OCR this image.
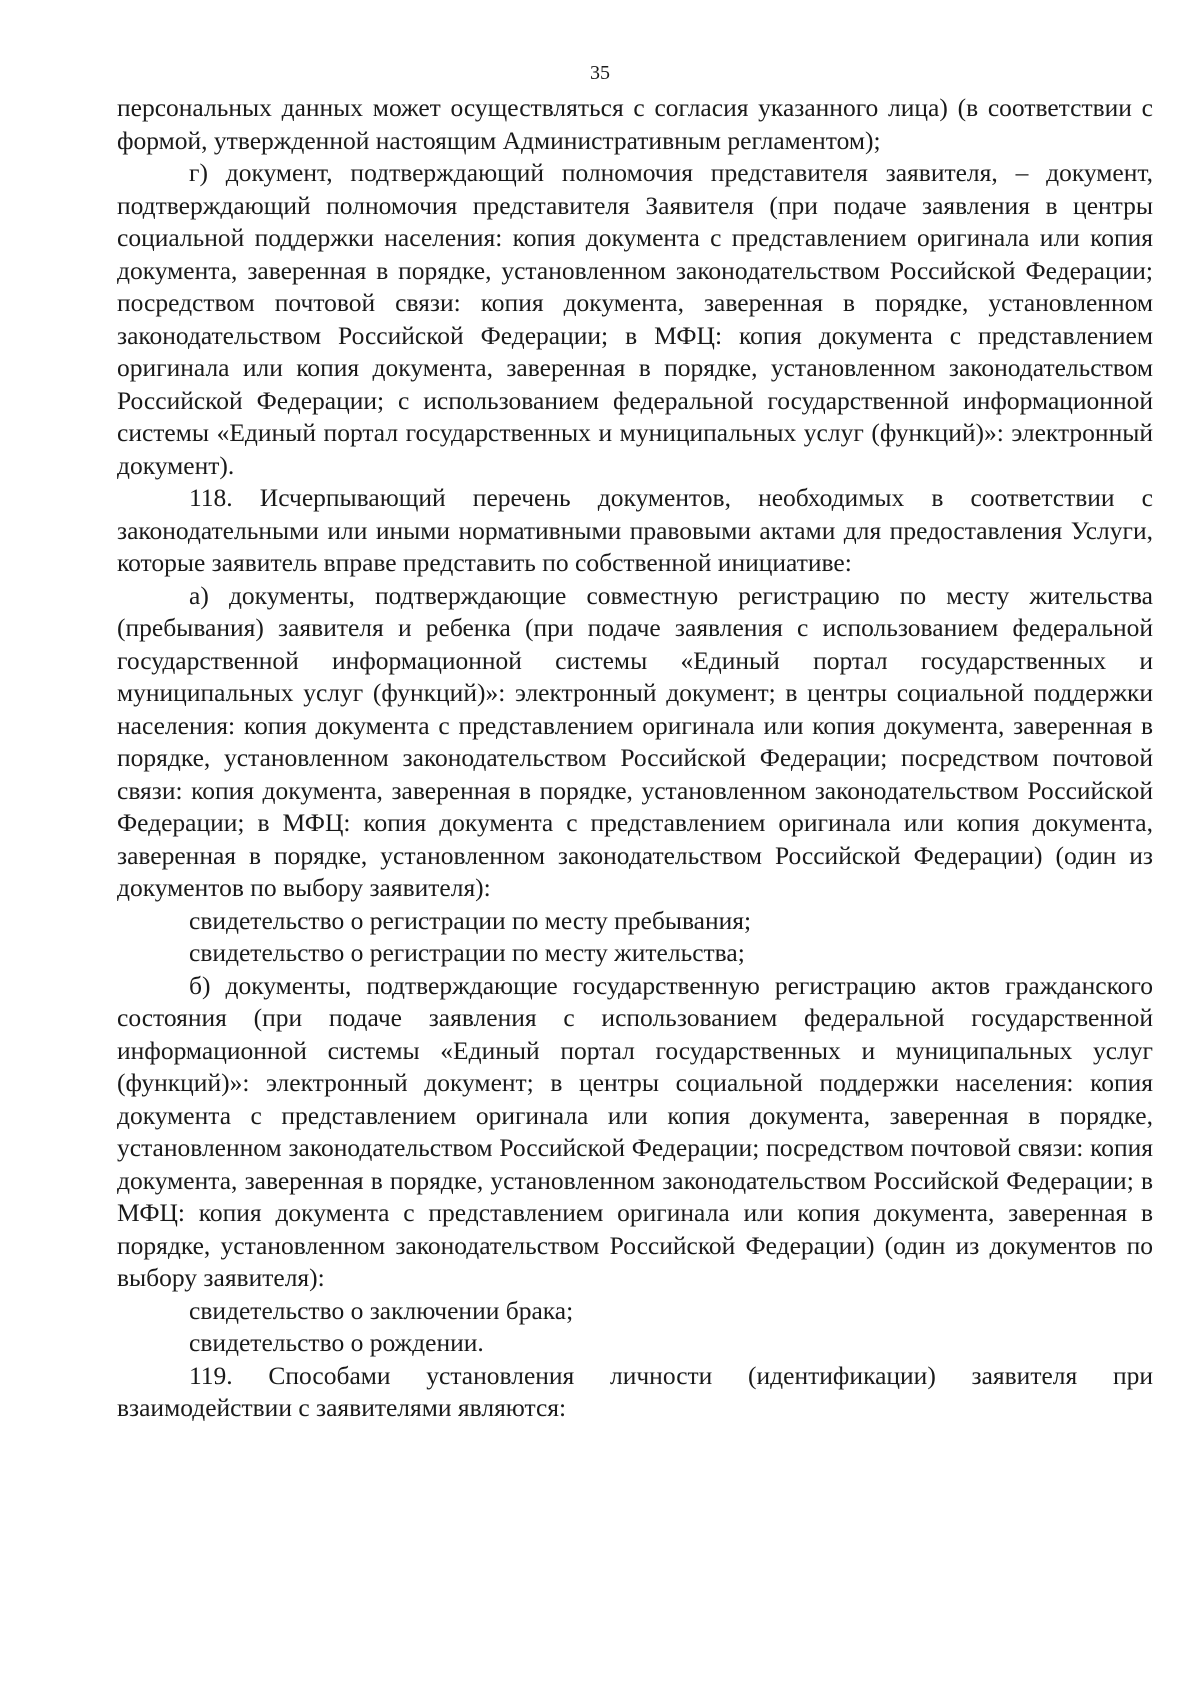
35

персональных данных может осуществляться с согласия указанного лица) (в соответствии с формой, утвержденной настоящим Административным регламентом);

г) документ, подтверждающий полномочия представителя заявителя, – документ, подтверждающий полномочия представителя Заявителя (при подаче заявления в центры социальной поддержки населения: копия документа с представлением оригинала или копия документа, заверенная в порядке, установленном законодательством Российской Федерации; посредством почтовой связи: копия документа, заверенная в порядке, установленном законодательством Российской Федерации; в МФЦ: копия документа с представлением оригинала или копия документа, заверенная в порядке, установленном законодательством Российской Федерации; с использованием федеральной государственной информационной системы «Единый портал государственных и муниципальных услуг (функций)»: электронный документ).

118. Исчерпывающий перечень документов, необходимых в соответствии с законодательными или иными нормативными правовыми актами для предоставления Услуги, которые заявитель вправе представить по собственной инициативе:

а) документы, подтверждающие совместную регистрацию по месту жительства (пребывания) заявителя и ребенка (при подаче заявления с использованием федеральной государственной информационной системы «Единый портал государственных и муниципальных услуг (функций)»: электронный документ; в центры социальной поддержки населения: копия документа с представлением оригинала или копия документа, заверенная в порядке, установленном законодательством Российской Федерации; посредством почтовой связи: копия документа, заверенная в порядке, установленном законодательством Российской Федерации; в МФЦ: копия документа с представлением оригинала или копия документа, заверенная в порядке, установленном законодательством Российской Федерации) (один из документов по выбору заявителя):

свидетельство о регистрации по месту пребывания;

свидетельство о регистрации по месту жительства;

б) документы, подтверждающие государственную регистрацию актов гражданского состояния (при подаче заявления с использованием федеральной государственной информационной системы «Единый портал государственных и муниципальных услуг (функций)»: электронный документ; в центры социальной поддержки населения: копия документа с представлением оригинала или копия документа, заверенная в порядке, установленном законодательством Российской Федерации; посредством почтовой связи: копия документа, заверенная в порядке, установленном законодательством Российской Федерации; в МФЦ: копия документа с представлением оригинала или копия документа, заверенная в порядке, установленном законодательством Российской Федерации) (один из документов по выбору заявителя):

свидетельство о заключении брака;

свидетельство о рождении.

119. Способами установления личности (идентификации) заявителя при взаимодействии с заявителями являются:
